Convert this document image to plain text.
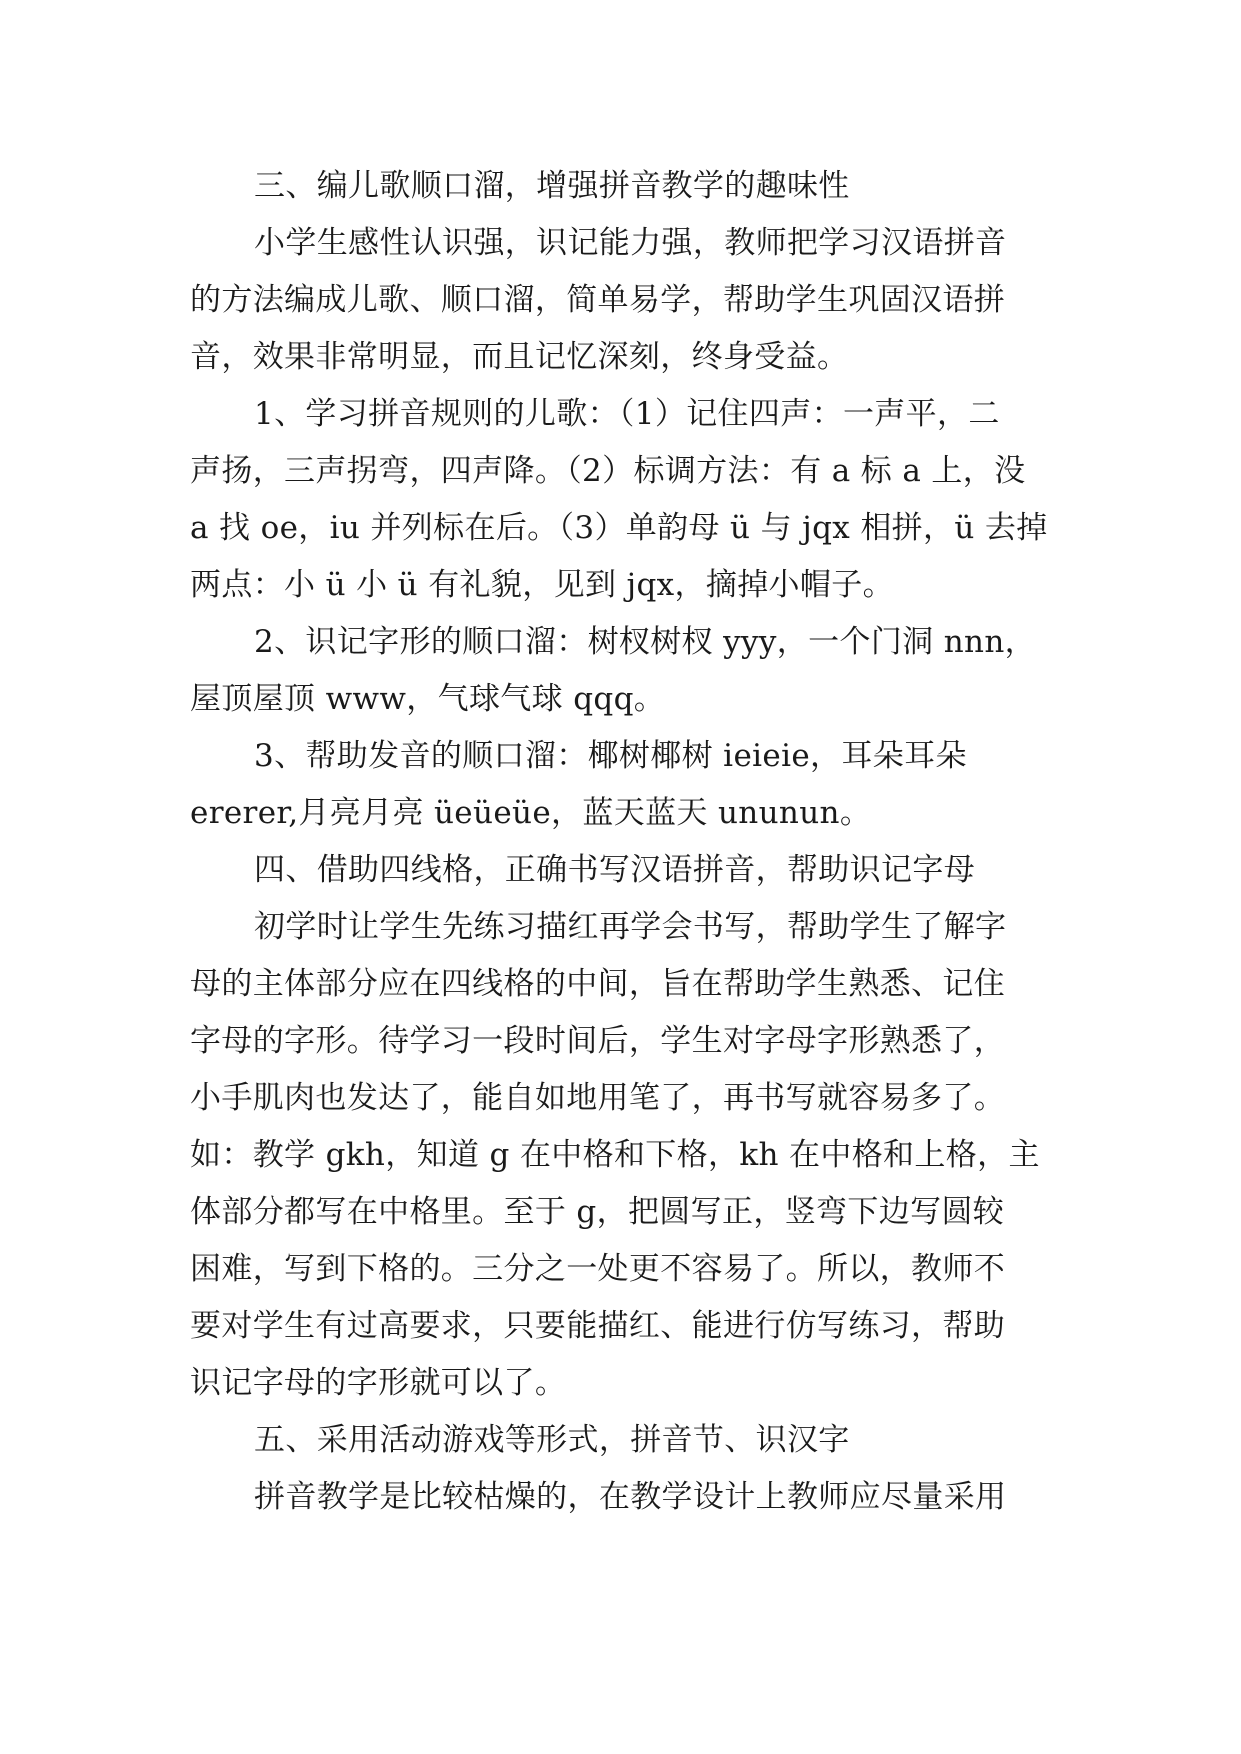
三、编儿歌顺口溜，增强拼音教学的趣味性
小学生感性认识强，识记能力强，教师把学习汉语拼音
的方法编成儿歌、顺口溜，简单易学，帮助学生巩固汉语拼
音，效果非常明显，而且记忆深刻，终身受益。
1、学习拼音规则的儿歌：（1）记住四声：一声平，二
声扬，三声拐弯，四声降。（2）标调方法：有 a 标 a 上，没
a 找 oe，iu 并列标在后。（3）单韵母 ü 与 jqx 相拼，ü 去掉
两点：小 ü 小 ü 有礼貌，见到 jqx，摘掉小帽子。
2、识记字形的顺口溜：树杈树杈 yyy，一个门洞 nnn，
屋顶屋顶 www，气球气球 qqq。
3、帮助发音的顺口溜：椰树椰树 ieieie，耳朵耳朵
ererer,月亮月亮 üeüeüe，蓝天蓝天 ununun。
四、借助四线格，正确书写汉语拼音，帮助识记字母
初学时让学生先练习描红再学会书写，帮助学生了解字
母的主体部分应在四线格的中间，旨在帮助学生熟悉、记住
字母的字形。待学习一段时间后，学生对字母字形熟悉了，
小手肌肉也发达了，能自如地用笔了，再书写就容易多了。
如：教学 gkh，知道 g 在中格和下格，kh 在中格和上格，主
体部分都写在中格里。至于 g，把圆写正，竖弯下边写圆较
困难，写到下格的。三分之一处更不容易了。所以，教师不
要对学生有过高要求，只要能描红、能进行仿写练习，帮助
识记字母的字形就可以了。
五、采用活动游戏等形式，拼音节、识汉字
拼音教学是比较枯燥的，在教学设计上教师应尽量采用
